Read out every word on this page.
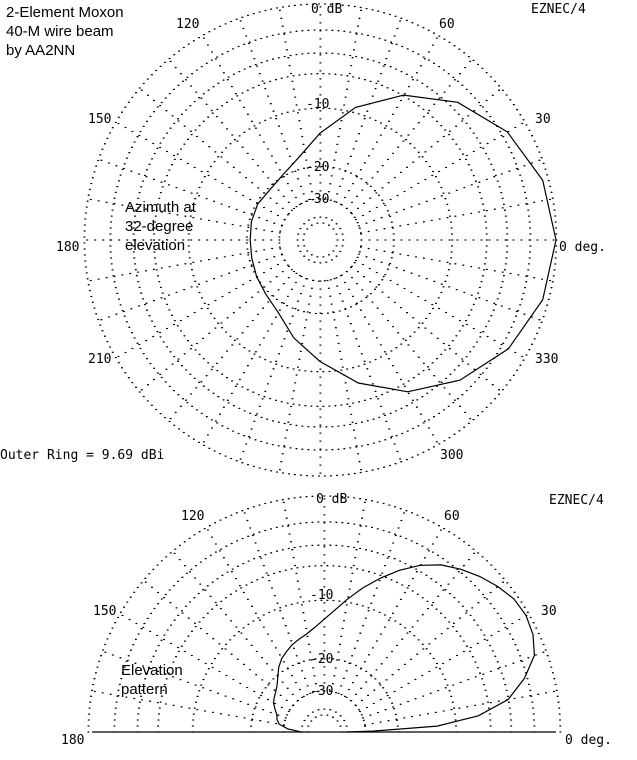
2-Element Moxon
40-M wire beam
by AA2NN
EZNEC/4
Outer Ring = 9.69 dBi
EZNEC/4
0 dB
-10
-20
-30
0 deg.
30
60
120
150
180
210
300
330
Azimuth at
32-degree
elevation
0 dB
-10
-20
-30
0 deg.
30
60
120
150
180
Elevation
pattern
